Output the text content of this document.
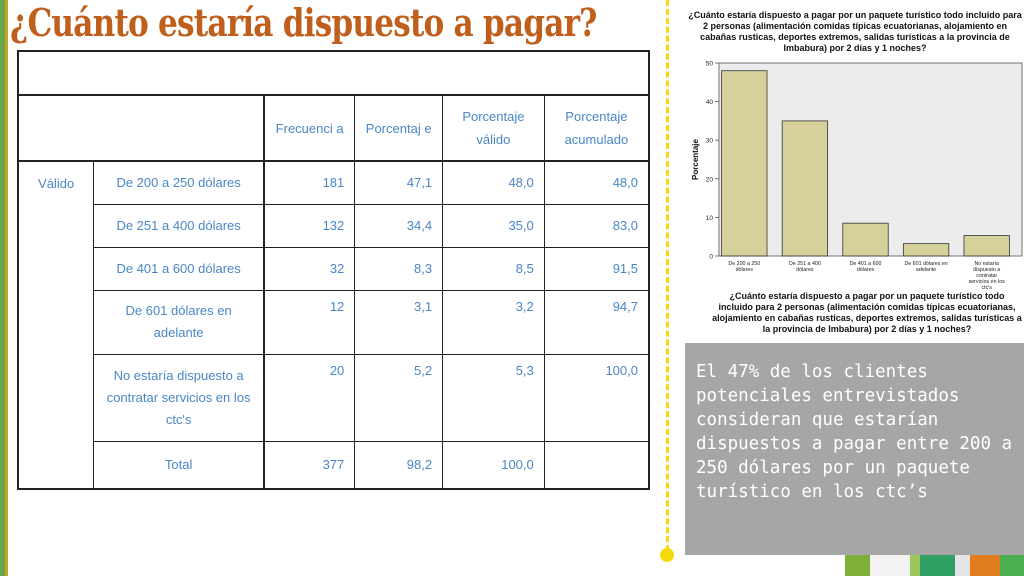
¿Cuánto estaría dispuesto a pagar?

		Frecuenci a	Porcentaj e	Porcentaje válido	Porcentaje acumulado
Válido	De 200 a 250 dólares	181	47,1	48,0	48,0
	De 251 a 400 dólares	132	34,4	35,0	83,0
	De 401 a 600 dólares	32	8,3	8,5	91,5
	De 601 dólares en adelante	12	3,1	3,2	94,7
	No estaría dispuesto a contratar servicios en los ctc's	20	5,2	5,3	100,0
	Total	377	98,2	100,0	

¿Cuánto estaría dispuesto a pagar por un paquete turístico todo incluido para 2 personas (alimentación comidas típicas ecuatorianas, alojamiento en cabañas rusticas, deportes extremos, salidas turísticas a la provincia de Imbabura) por 2 días y 1 noches?

0
10
20
30
40
50
Porcentaje
De 200 a 250 dólares
De 251 a 400 dólares
De 401 a 600 dólares
De 601 dólares en adelante
No estaría dispuesto a contratar servicios en los ctc's

¿Cuánto estaría dispuesto a pagar por un paquete turístico todo incluido para 2 personas (alimentación comidas típicas ecuatorianas, alojamiento en cabañas rusticas, deportes extremos, salidas turísticas a la provincia de Imbabura) por 2 días y 1 noches?

El 47% de los clientes potenciales entrevistados consideran que estarían dispuestos a pagar entre 200 a 250 dólares por un paquete turístico en los ctc’s
